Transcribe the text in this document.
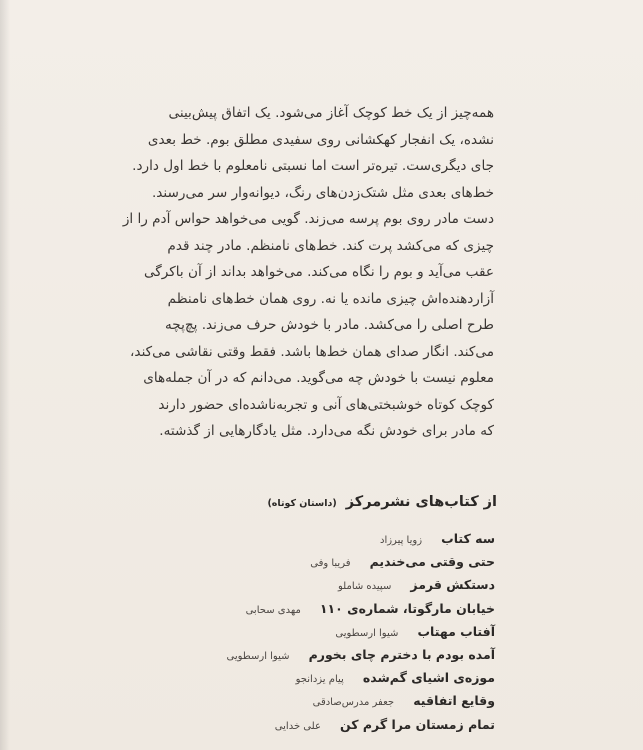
همه‌چیز از یک خط کوچک آغاز می‌شود. یک اتفاق پیش‌بینی
نشده، یک انفجار کهکشانی روی سفیدی مطلق بوم. خط بعدی
جای دیگری‌ست. تیره‌تر است اما نسبتی نامعلوم با خط اول دارد.
خط‌های بعدی مثل شتک‌زدن‌های رنگ، دیوانه‌وار سر می‌رسند.
دست مادر روی بوم پرسه می‌زند. گویی می‌خواهد حواس آدم را از
چیزی که می‌کشد پرت کند. خط‌های نامنظم. مادر چند قدم
عقب می‌آید و بوم را نگاه می‌کند. می‌خواهد بداند از آن باکرگی
آزاردهنده‌اش چیزی مانده یا نه. روی همان خط‌های نامنظم
طرح اصلی را می‌کشد. مادر با خودش حرف می‌زند. پچ‌پچه
می‌کند. انگار صدای همان خط‌ها باشد. فقط وقتی نقاشی می‌کند،
معلوم نیست با خودش چه می‌گوید. می‌دانم که در آن جمله‌های
کوچک کوتاه خوشبختی‌های آنی و تجربه‌ناشده‌ای حضور دارند
که مادر برای خودش نگه می‌دارد. مثل یادگارهایی از گذشته.
از کتاب‌های نشرمرکز (داستان کوتاه)
سه کتاب زویا پیرزاد
حتی وقتی می‌خندیم فریبا وفی
دستکش قرمز سپیده شاملو
خیابان مارگوتا، شماره‌ی ۱۱۰ مهدی سحابی
آفتاب مهتاب شیوا ارسطویی
آمده بودم با دخترم چای بخورم شیوا ارسطویی
موزه‌ی اشیای گم‌شده پیام یزدانجو
وقایع اتفاقیه جعفر مدرس‌صادقی
تمام زمستان مرا گرم کن علی خدایی
